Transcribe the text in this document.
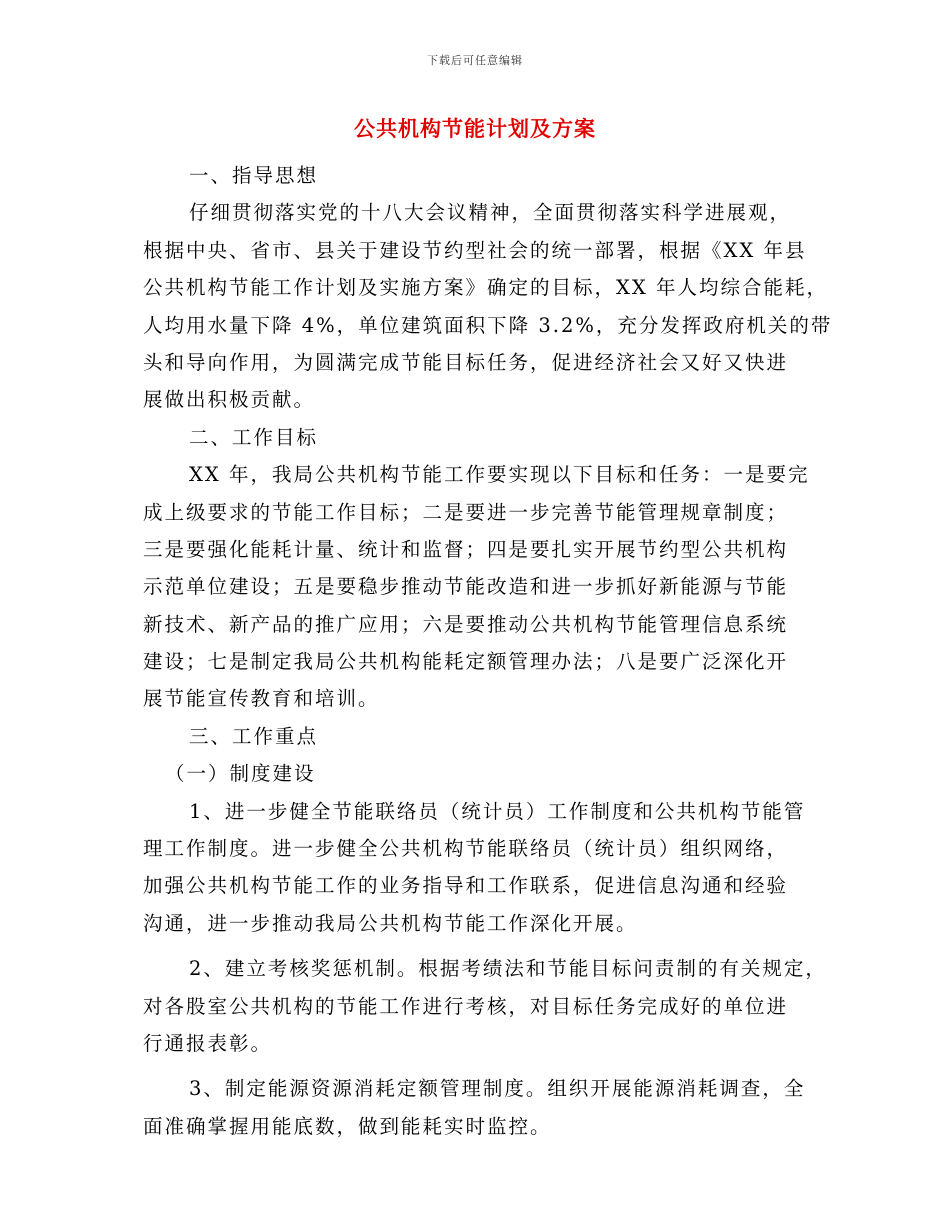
下载后可任意编辑
公共机构节能计划及方案
一、指导思想
仔细贯彻落实党的十八大会议精神，全面贯彻落实科学进展观，
根据中央、省市、县关于建设节约型社会的统一部署，根据《XX 年县
公共机构节能工作计划及实施方案》确定的目标，XX 年人均综合能耗，
人均用水量下降 4%，单位建筑面积下降 3.2%，充分发挥政府机关的带
头和导向作用，为圆满完成节能目标任务，促进经济社会又好又快进
展做出积极贡献。
二、工作目标
XX 年，我局公共机构节能工作要实现以下目标和任务：一是要完
成上级要求的节能工作目标；二是要进一步完善节能管理规章制度；
三是要强化能耗计量、统计和监督；四是要扎实开展节约型公共机构
示范单位建设；五是要稳步推动节能改造和进一步抓好新能源与节能
新技术、新产品的推广应用；六是要推动公共机构节能管理信息系统
建设；七是制定我局公共机构能耗定额管理办法；八是要广泛深化开
展节能宣传教育和培训。
三、工作重点
（一）制度建设
1、进一步健全节能联络员（统计员）工作制度和公共机构节能管
理工作制度。进一步健全公共机构节能联络员（统计员）组织网络，
加强公共机构节能工作的业务指导和工作联系，促进信息沟通和经验
沟通，进一步推动我局公共机构节能工作深化开展。
2、建立考核奖惩机制。根据考绩法和节能目标问责制的有关规定，
对各股室公共机构的节能工作进行考核，对目标任务完成好的单位进
行通报表彰。
3、制定能源资源消耗定额管理制度。组织开展能源消耗调查，全
面准确掌握用能底数，做到能耗实时监控。
